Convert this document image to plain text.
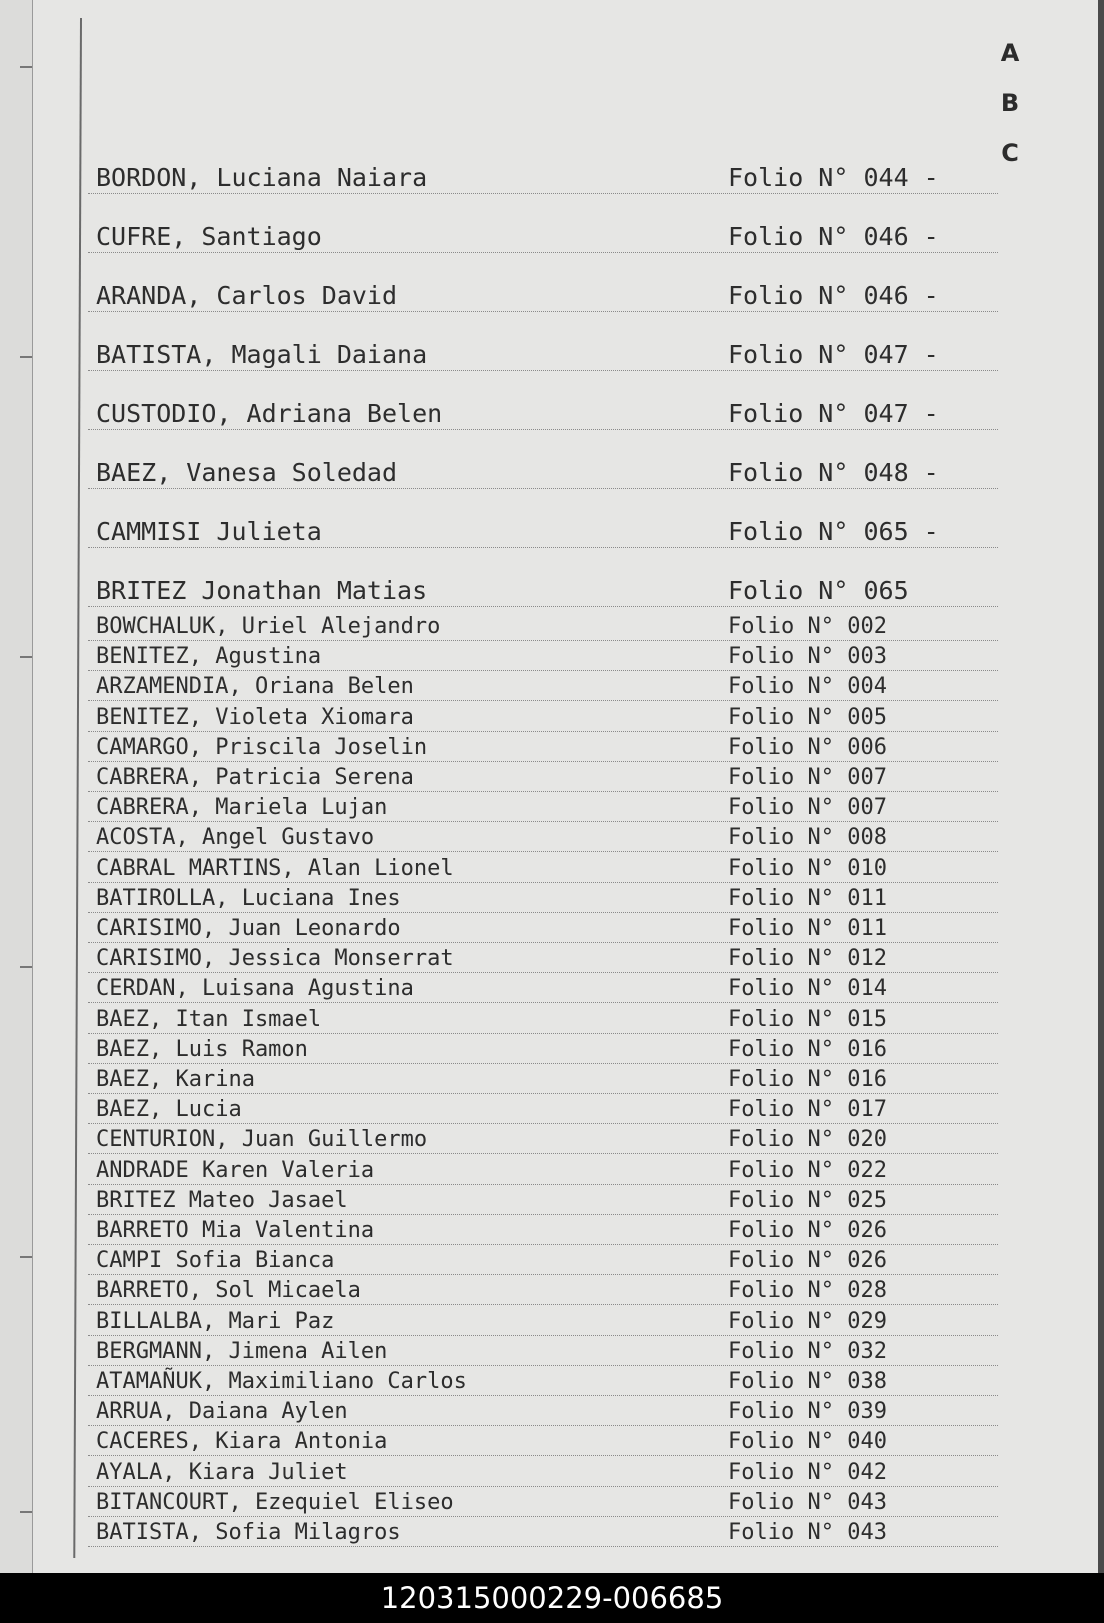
A
B
C
BORDON, Luciana Naiara	Folio N° 044 -
CUFRE, Santiago	Folio N° 046 -
ARANDA, Carlos David	Folio N° 046 -
BATISTA, Magali Daiana	Folio N° 047 -
CUSTODIO, Adriana Belen	Folio N° 047 -
BAEZ, Vanesa Soledad	Folio N° 048 -
CAMMISI Julieta	Folio N° 065 -
BRITEZ Jonathan Matias	Folio N° 065
BOWCHALUK, Uriel Alejandro	Folio N° 002
BENITEZ, Agustina	Folio N° 003
ARZAMENDIA, Oriana Belen	Folio N° 004
BENITEZ, Violeta Xiomara	Folio N° 005
CAMARGO, Priscila Joselin	Folio N° 006
CABRERA, Patricia Serena	Folio N° 007
CABRERA, Mariela Lujan	Folio N° 007
ACOSTA, Angel Gustavo	Folio N° 008
CABRAL MARTINS, Alan Lionel	Folio N° 010
BATIROLLA, Luciana Ines	Folio N° 011
CARISIMO, Juan Leonardo	Folio N° 011
CARISIMO, Jessica Monserrat	Folio N° 012
CERDAN, Luisana Agustina	Folio N° 014
BAEZ, Itan Ismael	Folio N° 015
BAEZ, Luis Ramon	Folio N° 016
BAEZ, Karina	Folio N° 016
BAEZ, Lucia	Folio N° 017
CENTURION, Juan Guillermo	Folio N° 020
ANDRADE Karen Valeria	Folio N° 022
BRITEZ Mateo Jasael	Folio N° 025
BARRETO Mia Valentina	Folio N° 026
CAMPI Sofia Bianca	Folio N° 026
BARRETO, Sol Micaela	Folio N° 028
BILLALBA, Mari Paz	Folio N° 029
BERGMANN, Jimena Ailen	Folio N° 032
ATAMAÑUK, Maximiliano Carlos	Folio N° 038
ARRUA, Daiana Aylen	Folio N° 039
CACERES, Kiara Antonia	Folio N° 040
AYALA, Kiara Juliet	Folio N° 042
BITANCOURT, Ezequiel Eliseo	Folio N° 043
BATISTA, Sofia Milagros	Folio N° 043
120315000229-006685
